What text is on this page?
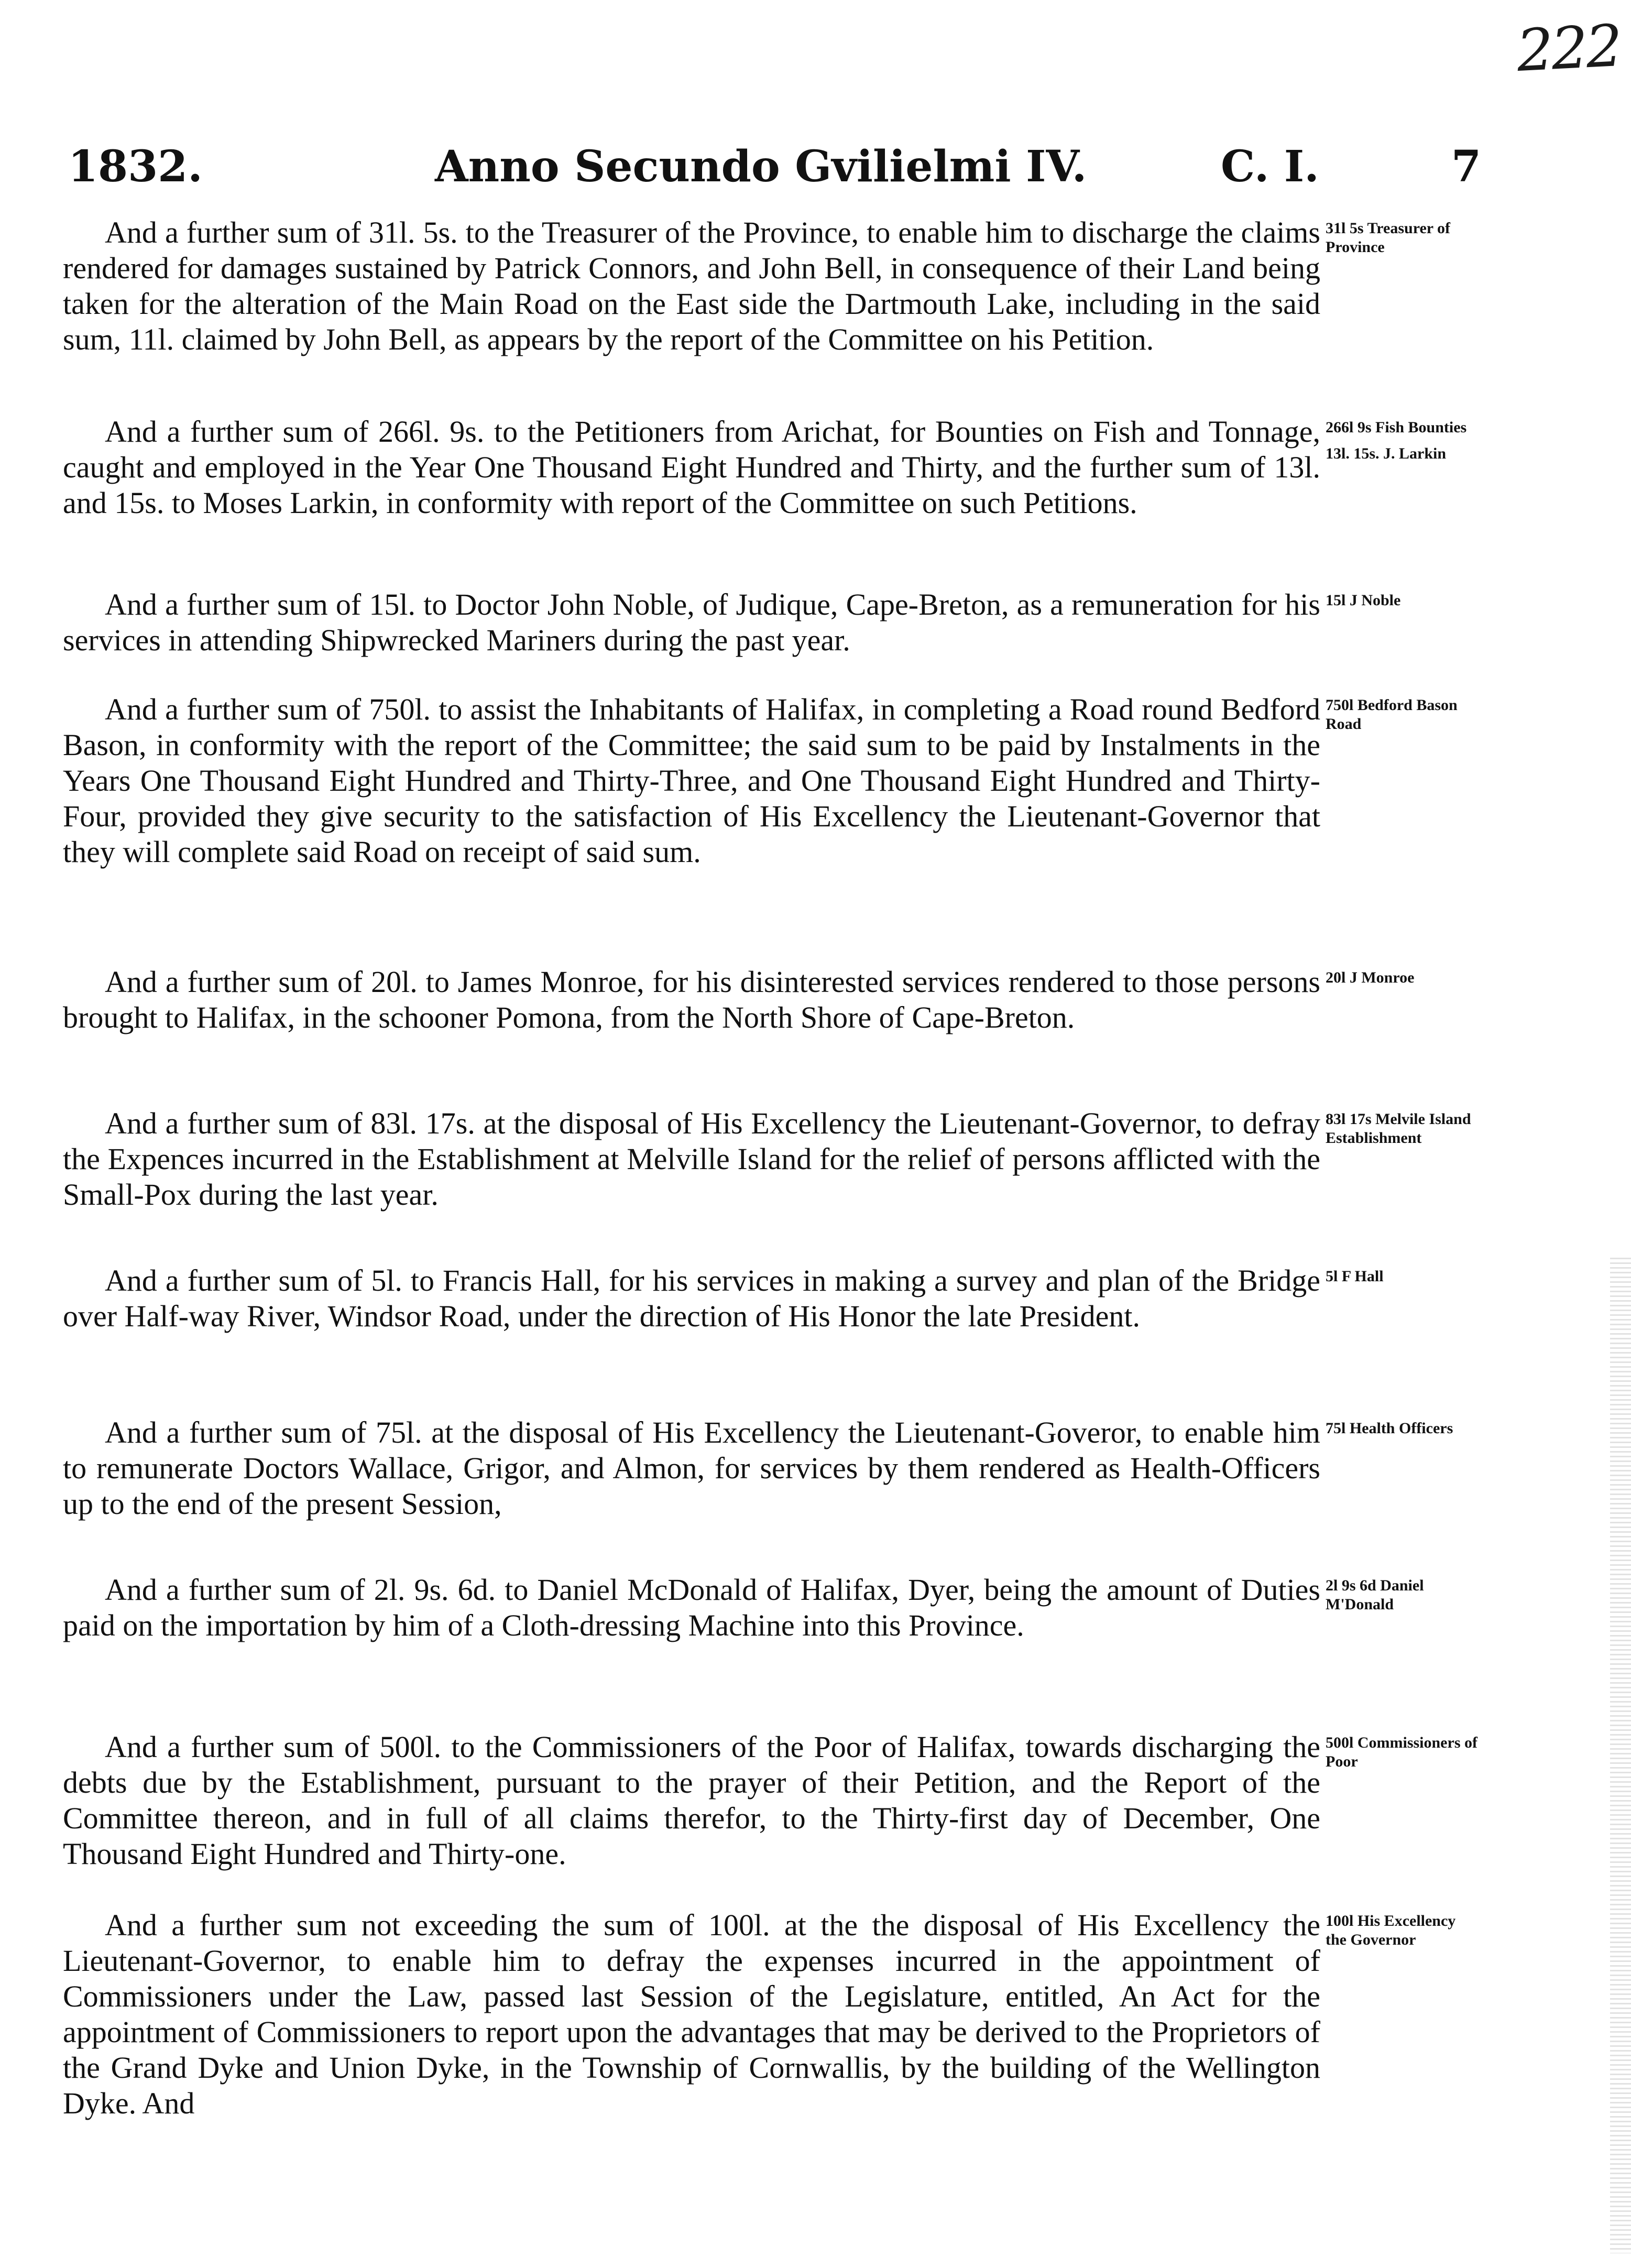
222
1832.	Anno Secundo Gvilielmi IV.	C. I.	7
And a further sum of 31l. 5s. to the Treasurer of the Province, to enable him to discharge the claims rendered for damages sustained by Patrick Connors, and John Bell, in consequence of their Land being taken for the alteration of the Main Road on the East side the Dartmouth Lake, including in the said sum, 11l. claimed by John Bell, as appears by the report of the Committee on his Petition.
31l 5s Treasurer of Province
And a further sum of 266l. 9s. to the Petitioners from Arichat, for Bounties on Fish and Tonnage, caught and employed in the Year One Thousand Eight Hundred and Thirty, and the further sum of 13l. and 15s. to Moses Larkin, in conformity with report of the Committee on such Petitions.
266l 9s Fish Bounties
13l. 15s. J. Larkin
And a further sum of 15l. to Doctor John Noble, of Judique, Cape-Breton, as a remuneration for his services in attending Shipwrecked Mariners during the past year.
15l J Noble
And a further sum of 750l. to assist the Inhabitants of Halifax, in completing a Road round Bedford Bason, in conformity with the report of the Committee; the said sum to be paid by Instalments in the Years One Thousand Eight Hundred and Thirty-Three, and One Thousand Eight Hundred and Thirty-Four, provided they give security to the satisfaction of His Excellency the Lieutenant-Governor that they will complete said Road on receipt of said sum.
750l Bedford Bason Road
And a further sum of 20l. to James Monroe, for his disinterested services rendered to those persons brought to Halifax, in the schooner Pomona, from the North Shore of Cape-Breton.
20l J Monroe
And a further sum of 83l. 17s. at the disposal of His Excellency the Lieutenant-Governor, to defray the Expences incurred in the Establishment at Melville Island for the relief of persons afflicted with the Small-Pox during the last year.
83l 17s Melvile Island Establishment
And a further sum of 5l. to Francis Hall, for his services in making a survey and plan of the Bridge over Half-way River, Windsor Road, under the direction of His Honor the late President.
5l F Hall
And a further sum of 75l. at the disposal of His Excellency the Lieutenant-Goveror, to enable him to remunerate Doctors Wallace, Grigor, and Almon, for services by them rendered as Health-Officers up to the end of the present Session,
75l Health Officers
And a further sum of 2l. 9s. 6d. to Daniel McDonald of Halifax, Dyer, being the amount of Duties paid on the importation by him of a Cloth-dressing Machine into this Province.
2l 9s 6d Daniel M'Donald
And a further sum of 500l. to the Commissioners of the Poor of Halifax, towards discharging the debts due by the Establishment, pursuant to the prayer of their Petition, and the Report of the Committee thereon, and in full of all claims therefor, to the Thirty-first day of December, One Thousand Eight Hundred and Thirty-one.
500l Commissioners of Poor
And a further sum not exceeding the sum of 100l. at the the disposal of His Excellency the Lieutenant-Governor, to enable him to defray the expenses incurred in the appointment of Commissioners under the Law, passed last Session of the Legislature, entitled, An Act for the appointment of Commissioners to report upon the advantages that may be derived to the Proprietors of the Grand Dyke and Union Dyke, in the Township of Cornwallis, by the building of the Wellington Dyke. And
100l His Excellency the Governor
